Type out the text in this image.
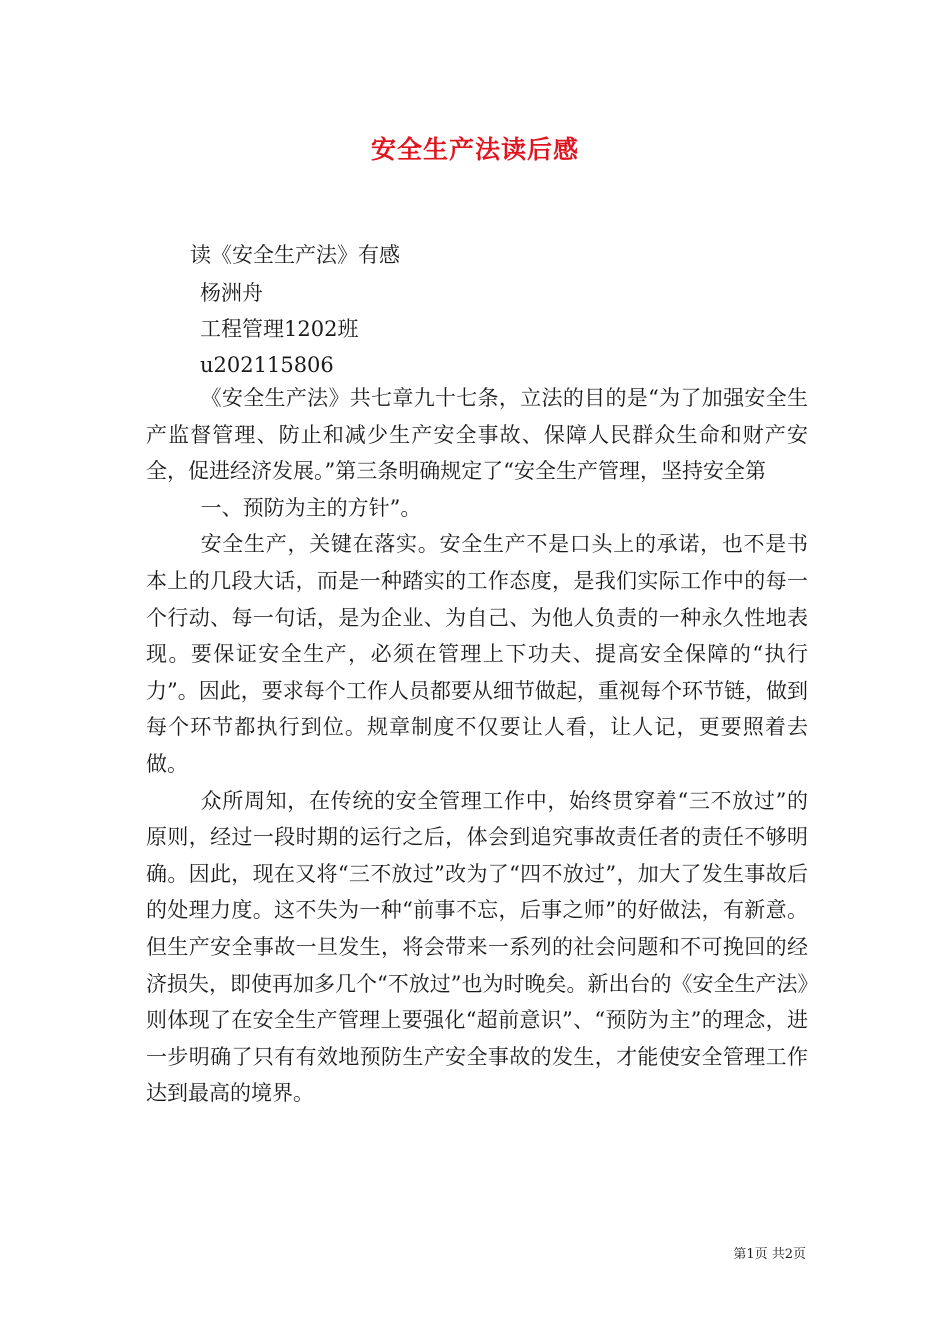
安全生产法读后感
读《安全生产法》有感
杨洲舟
工程管理1202班
u202115806

《安全生产法》共七章九十七条，立法的目的是“为了加强安全生产监督管理、防止和减少生产安全事故、保障人民群众生命和财产安全，促进经济发展。”第三条明确规定了“安全生产管理，坚持安全第

一、预防为主的方针”。

安全生产，关键在落实。安全生产不是口头上的承诺，也不是书本上的几段大话，而是一种踏实的工作态度，是我们实际工作中的每一个行动、每一句话，是为企业、为自己、为他人负责的一种永久性地表现。要保证安全生产，必须在管理上下功夫、提高安全保障的“执行力”。因此，要求每个工作人员都要从细节做起，重视每个环节链，做到每个环节都执行到位。规章制度不仅要让人看，让人记，更要照着去做。

众所周知，在传统的安全管理工作中，始终贯穿着“三不放过”的原则，经过一段时期的运行之后，体会到追究事故责任者的责任不够明确。因此，现在又将“三不放过”改为了“四不放过”，加大了发生事故后的处理力度。这不失为一种“前事不忘，后事之师”的好做法，有新意。但生产安全事故一旦发生，将会带来一系列的社会问题和不可挽回的经济损失，即使再加多几个“不放过”也为时晚矣。新出台的《安全生产法》则体现了在安全生产管理上要强化“超前意识”、“预防为主”的理念，进一步明确了只有有效地预防生产安全事故的发生，才能使安全管理工作达到最高的境界。

第1页 共2页
